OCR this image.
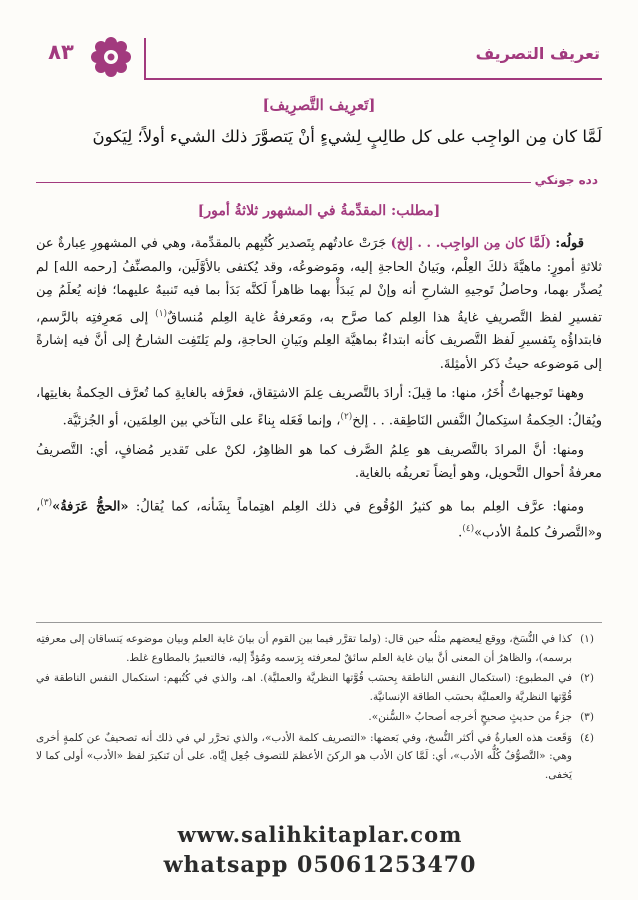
٨٣	تعريف التصريف
[تَعرِيف التَّصرِيف]
لَمَّا كان مِن الواجِب على كل طالِبٍ لِشيءٍ أنْ يَتصوَّرَ ذلك الشيء أولاً؛ لِيَكونَ
دده جونكي
[مطلب: المقدِّمةُ في المشهور ثلاثةُ أمور]

قولُه: (لَمَّا كان مِن الواجِب. . . إلخ) جَرَتْ عادتُهم بِتَصدير كُتُبِهم بالمقدِّمة، وهي في المشهورِ عِبارةٌ عن ثلاثةِ أمورٍ: ماهيَّةَ ذلكَ العِلْم، وبَيانُ الحاجةِ إليه، ومَوضوعُه، وقد يُكتفى بالأوَّلَين، والمصنِّفُ [رحمه الله] لم يُصدِّر بهما، وحاصلُ تَوجيهِ الشارحِ أنه وإنْ لم يَبدَأْ بهما ظاهراً لَكنَّه بَدَأ بما فيه تَنبيهٌ عليهما؛ فإنه يُعلَمُ مِن تفسيرِ لفظ التَّصريفِ غايةُ هذا العِلم كما صرَّح به، ومَعرفةُ غاية العِلم مُنساقٌ$^{(١)}$ إلى مَعرِفتِه بالرَّسم، فابتداؤُه بِتَفسيرِ لَفظ التَّصريف كأنه ابتداءٌ بماهيَّة العِلم وبَيانِ الحاجةِ، ولم يَلتَفِت الشارحُ إلى أنَّ فيه إشارةً إلى مَوضوعه حيثُ ذَكر الأمثِلةَ.

وههنا تَوجيهاتٌ أُخَرُ، منها: ما قِيلَ: أرادَ بالتَّصريف عِلمَ الاشتِقاق، فعرَّفه بالغايةِ كما تُعرَّف الحِكمةُ بغايتِها، ويُقالُ: الحِكمةُ استِكمالُ النَّفس النَاطِقة. . . إلخ$^{(٢)}$، وإنما فَعَله بِناءً على التآخي بين العِلمَين، أو الجُزئيَّة.

ومنها: أنَّ المرادَ بالتَّصريف هو عِلمُ الصَّرف كما هو الظاهِرُ، لكنْ على تَقدير مُضافٍ، أي: التَّصريفُ معرفةُ أحوال التَّحويل، وهو أيضاً تعريفُه بالغاية.

ومنها: عرَّف العِلم بما هو كثيرُ الوُقُوع في ذلك العِلم اهتِماماً بِشَأنه، كما يُقالُ: «الحجُّ عَرَفةُ»$^{(٣)}$، و«التَّصرفُ كلمةُ الأدب»$^{(٤)}$.

(١)
كذا في النُّسَخ، ووقع لِبعضهم مثلُه حين قال: (ولما تقرَّر فيما بين القوم أن بيانَ غاية العلم وبيان موضوعه يَنساقان إلى معرفتِه برسمه)، والظاهرُ أن المعنى أنَّ بيان غاية العلم سائقٌ لمعرفته بِرَسمه ومُؤدٍّ إليه، فالتعبيرُ بالمطاوع غلط.
(٢)
في المطبوع: (استكمال النفس الناطقة بِحسَب قُوَّتها النظريَّة والعمليَّة). اهـ، والذي في كُتُبهم: استكمال النفس الناطقة في قُوَّتها النظريَّة والعمليَّة بحسَب الطاقة الإنسانيَّة.
(٣)
جزءٌ من حديثٍ صحيحٍ أخرجه أصحابُ «السُّنن».
(٤)
وَقَعت هذه العبارةُ في أكثر النُّسخ، وفي بَعضها: «التصريف كلمة الأدب»، والذي تحرَّر لي في ذلك أنه تصحيفٌ عن كلمةٍ أخرى وهي: «التَّصوُّفُ كُلُّه الأدب»، أي: لَمَّا كان الأدب هو الركنَ الأعظمَ للتصوف جُعِل إيَّاه. على أن تَنكيرَ لفظ «الأدب» أولى كما لا يَخفى.
www.salihkitaplar.com
whatsapp 05061253470
